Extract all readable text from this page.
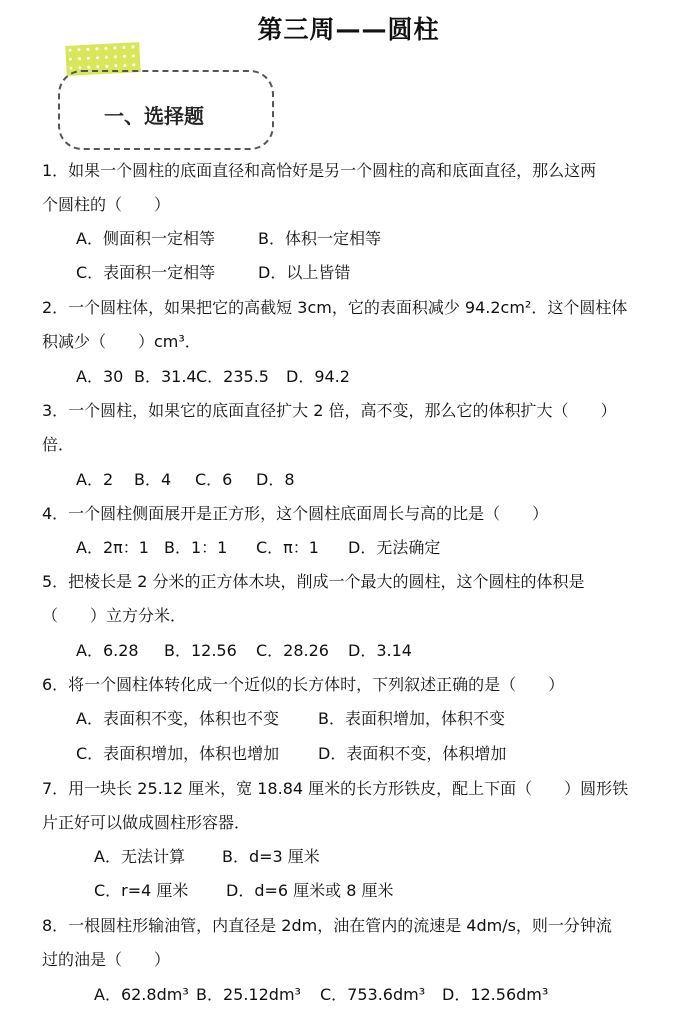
第三周——圆柱
一、选择题
1．如果一个圆柱的底面直径和高恰好是另一个圆柱的高和底面直径，那么这两
个圆柱的（　　）
A．侧面积一定相等	B．体积一定相等
C．表面积一定相等	D．以上皆错
2．一个圆柱体，如果把它的高截短 3cm，它的表面积减少 94.2cm²．这个圆柱体
积减少（　　）cm³．
A．30 B．31.4 C．235.5 D．94.2
3．一个圆柱，如果它的底面直径扩大 2 倍，高不变，那么它的体积扩大（　　）
倍．
A．2 B．4 C．6 D．8
4．一个圆柱侧面展开是正方形，这个圆柱底面周长与高的比是（　　）
A．2π：1 B．1：1 C．π：1 D．无法确定
5．把棱长是 2 分米的正方体木块，削成一个最大的圆柱，这个圆柱的体积是
（　　）立方分米．
A．6.28 B．12.56 C．28.26 D．3.14
6．将一个圆柱体转化成一个近似的长方体时，下列叙述正确的是（　　）
A．表面积不变，体积也不变 B．表面积增加，体积不变
C．表面积增加，体积也增加 D．表面积不变，体积增加
7．用一块长 25.12 厘米，宽 18.84 厘米的长方形铁皮，配上下面（　　）圆形铁
片正好可以做成圆柱形容器．
A．无法计算 B．d=3 厘米
C．r=4 厘米 D．d=6 厘米或 8 厘米
8．一根圆柱形输油管，内直径是 2dm，油在管内的流速是 4dm/s，则一分钟流
过的油是（　　）
A．62.8dm³ B．25.12dm³ C．753.6dm³ D．12.56dm³
